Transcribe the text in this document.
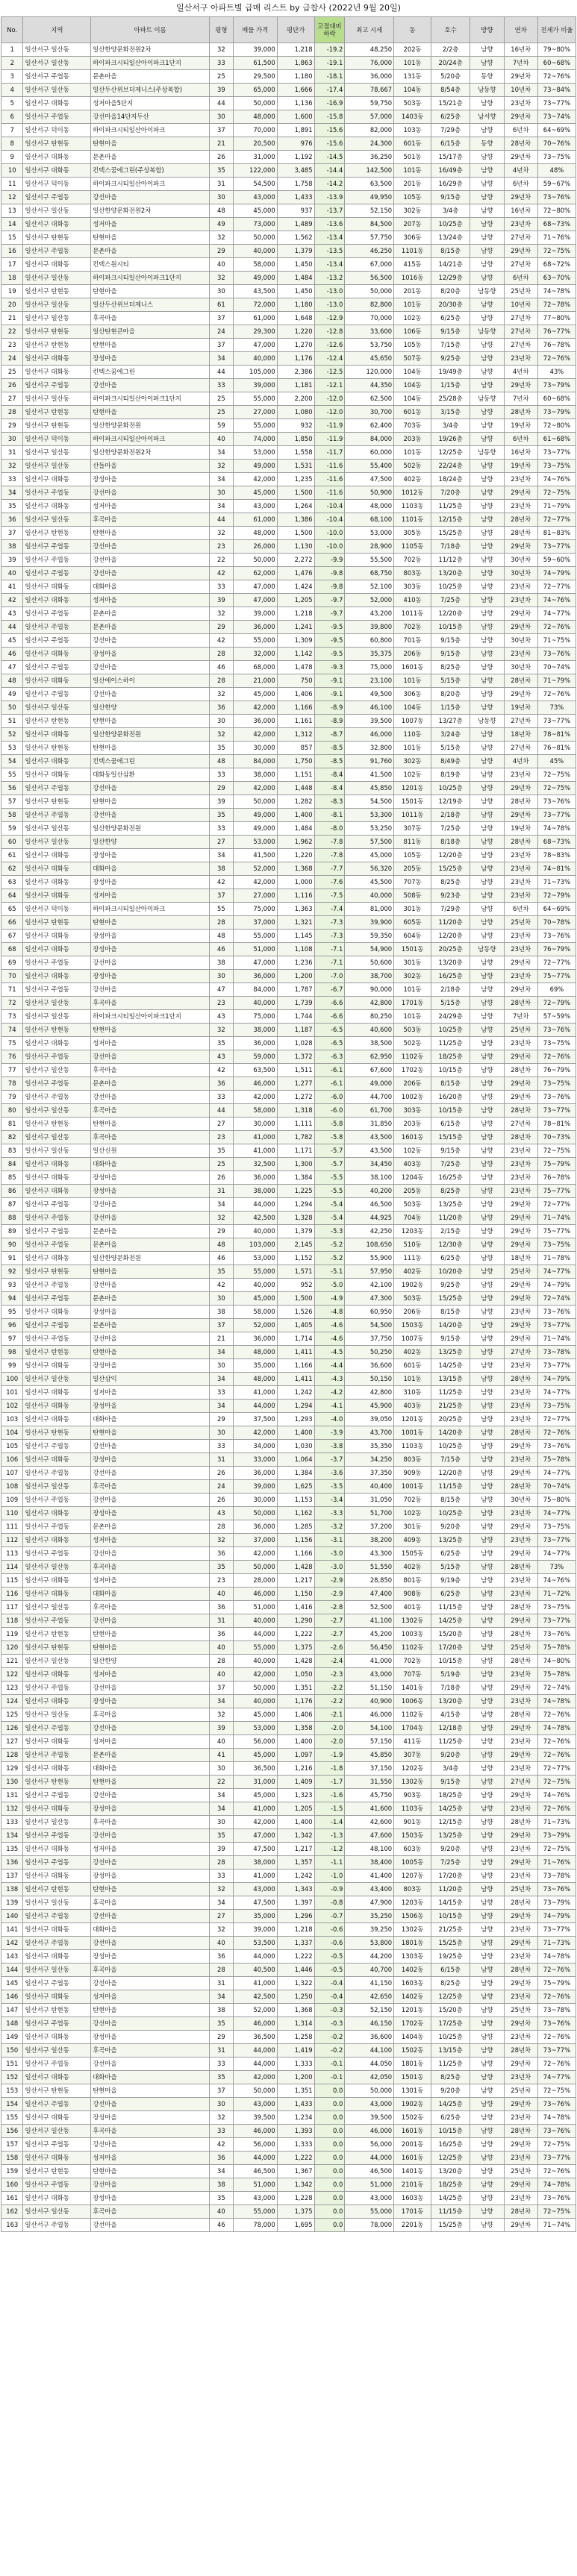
일산서구 아파트별 급매 리스트 by 급찹사 (2022년 9월 20일)
No.	지역	아파트 이름	평형	매물 가격	평단가	고점대비 하락	최고 시세	동	호수	방향	연차	전세가 비율
1	일산서구 일산동	일산한양문화전원2차	32	39,000	1,218	-19.2	48,250	202동	2/2층	남향	16년차	79~80%
2	일산서구 일산동	하이파크시티일산아이파크1단지	33	61,500	1,863	-19.1	76,000	101동	20/24층	남향	7년차	60~68%
3	일산서구 주엽동	문촌마을	25	29,500	1,180	-18.1	36,000	131동	5/20층	동향	29년차	72~76%
4	일산서구 일산동	일산두산위브더제니스(주상복합)	39	65,000	1,666	-17.4	78,667	104동	8/54층	남동향	10년차	73~84%
5	일산서구 대화동	성저마을5단지	44	50,000	1,136	-16.9	59,750	503동	15/21층	남향	23년차	73~77%
6	일산서구 주엽동	강선마을14단지두산	30	48,000	1,600	-15.8	57,000	1403동	6/25층	남서향	29년차	73~74%
7	일산서구 덕이동	하이파크시티일산아이파크	37	70,000	1,891	-15.6	82,000	103동	7/29층	남향	6년차	64~69%
8	일산서구 탄현동	탄현마을	21	20,500	976	-15.6	24,300	601동	6/15층	동향	28년차	70~76%
9	일산서구 대화동	문촌마을	26	31,000	1,192	-14.5	36,250	501동	15/17층	남향	29년차	73~75%
10	일산서구 대화동	킨텍스꿈에그린(주상복합)	35	122,000	3,485	-14.4	142,500	101동	16/49층	남향	4년차	48%
11	일산서구 덕이동	하이파크시티일산아이파크	31	54,500	1,758	-14.2	63,500	201동	16/29층	남향	6년차	59~67%
12	일산서구 주엽동	강선마을	30	43,000	1,433	-13.9	49,950	105동	9/15층	남향	29년차	73~76%
13	일산서구 일산동	일산한양문화전원2차	48	45,000	937	-13.7	52,150	302동	3/4층	남향	16년차	72~80%
14	일산서구 대화동	성저마을	49	73,000	1,489	-13.6	84,500	207동	10/25층	남향	23년차	68~73%
15	일산서구 탄현동	탄현마을	32	50,000	1,562	-13.4	57,750	306동	13/24층	남향	27년차	71~76%
16	일산서구 주엽동	문촌마을	29	40,000	1,379	-13.5	46,250	1101동	8/15층	남향	29년차	72~75%
17	일산서구 대화동	킨텍스원시티	40	58,000	1,450	-13.4	67,000	415동	14/21층	남향	27년차	68~72%
18	일산서구 일산동	하이파크시티일산아이파크1단지	32	49,000	1,484	-13.2	56,500	1016동	12/29층	남향	6년차	63~70%
19	일산서구 탄현동	탄현마을	30	43,500	1,450	-13.0	50,000	201동	8/20층	남동향	25년차	74~78%
20	일산서구 일산동	일산두산위브더제니스	61	72,000	1,180	-13.0	82,800	101동	20/30층	남향	10년차	72~78%
21	일산서구 일산동	후곡마을	37	61,000	1,648	-12.9	70,000	102동	6/25층	남향	27년차	77~80%
22	일산서구 탄현동	일산탄현큰마을	24	29,300	1,220	-12.8	33,600	106동	9/15층	남동향	27년차	76~77%
23	일산서구 탄현동	탄현마을	37	47,000	1,270	-12.6	53,750	105동	7/15층	남향	27년차	76~78%
24	일산서구 대화동	장성마을	34	40,000	1,176	-12.4	45,650	507동	9/25층	남향	23년차	72~76%
25	일산서구 대화동	킨텍스꿈에그린	44	105,000	2,386	-12.5	120,000	104동	19/49층	남향	4년차	43%
26	일산서구 주엽동	강선마을	33	39,000	1,181	-12.1	44,350	104동	1/15층	남향	29년차	73~79%
27	일산서구 일산동	하이파크시티일산아이파크1단지	25	55,000	2,200	-12.0	62,500	104동	25/28층	남동향	7년차	60~68%
28	일산서구 탄현동	탄현마을	25	27,000	1,080	-12.0	30,700	601동	3/15층	남향	28년차	73~79%
29	일산서구 탄현동	일산한양문화전원	59	55,000	932	-11.9	62,400	703동	3/4층	남향	19년차	72~80%
30	일산서구 덕이동	하이파크시티일산아이파크	40	74,000	1,850	-11.9	84,000	203동	19/26층	남향	6년차	61~68%
31	일산서구 일산동	일산한양문화전원2차	34	53,000	1,558	-11.7	60,000	101동	12/25층	남동향	16년차	73~77%
32	일산서구 일산동	산들마을	32	49,000	1,531	-11.6	55,400	502동	22/24층	남향	19년차	73~75%
33	일산서구 대화동	장성마을	34	42,000	1,235	-11.6	47,500	402동	18/24층	남향	23년차	74~76%
34	일산서구 주엽동	강선마을	30	45,000	1,500	-11.6	50,900	1012동	7/20층	남향	29년차	72~75%
35	일산서구 대화동	성저마을	34	43,000	1,264	-10.4	48,000	1103동	11/25층	남향	23년차	71~79%
36	일산서구 일산동	후곡마을	44	61,000	1,386	-10.4	68,100	1101동	12/15층	남향	28년차	72~77%
37	일산서구 탄현동	탄현마을	32	48,000	1,500	-10.0	53,000	305동	15/25층	남향	28년차	81~83%
38	일산서구 주엽동	강선마을	23	26,000	1,130	-10.0	28,900	1105동	7/18층	남향	29년차	73~77%
39	일산서구 주엽동	강선마을	22	50,000	2,272	-9.9	55,500	702동	11/12층	남향	30년차	59~60%
40	일산서구 주엽동	강선마을	42	62,000	1,476	-9.8	68,750	803동	13/20층	남향	30년차	74~79%
41	일산서구 대화동	대화마을	33	47,000	1,424	-9.8	52,100	303동	10/25층	남향	23년차	72~77%
42	일산서구 대화동	성저마을	39	47,000	1,205	-9.7	52,000	410동	7/25층	남향	23년차	74~76%
43	일산서구 주엽동	문촌마을	32	39,000	1,218	-9.7	43,200	1011동	12/20층	남향	29년차	74~77%
44	일산서구 주엽동	문촌마을	29	36,000	1,241	-9.5	39,800	702동	10/15층	남향	29년차	72~76%
45	일산서구 주엽동	강선마을	42	55,000	1,309	-9.5	60,800	701동	9/15층	남향	30년차	71~75%
46	일산서구 대화동	장성마을	28	32,000	1,142	-9.5	35,375	206동	9/15층	남향	23년차	73~76%
47	일산서구 주엽동	강선마을	46	68,000	1,478	-9.3	75,000	1601동	8/25층	남향	30년차	70~74%
48	일산서구 대화동	일산에이스하이	28	21,000	750	-9.1	23,100	101동	5/15층	남향	28년차	71~79%
49	일산서구 주엽동	강선마을	32	45,000	1,406	-9.1	49,500	306동	8/20층	남향	29년차	72~76%
50	일산서구 일산동	일산한양	36	42,000	1,166	-8.9	46,100	104동	1/15층	남향	19년차	73%
51	일산서구 탄현동	탄현마을	30	36,000	1,161	-8.9	39,500	1007동	13/27층	남동향	27년차	73~77%
52	일산서구 대화동	일산한양문화전원	32	42,000	1,312	-8.7	46,000	110동	3/24층	남향	18년차	78~81%
53	일산서구 탄현동	탄현마을	35	30,000	857	-8.5	32,800	101동	5/15층	남향	27년차	76~81%
54	일산서구 대화동	킨텍스꿈에그린	48	84,000	1,750	-8.5	91,760	302동	8/49층	남향	4년차	45%
55	일산서구 대화동	대화동일산삼환	33	38,000	1,151	-8.4	41,500	102동	8/19층	남향	23년차	72~75%
56	일산서구 주엽동	강선마을	29	42,000	1,448	-8.4	45,850	1201동	10/25층	남향	29년차	72~75%
57	일산서구 탄현동	탄현마을	39	50,000	1,282	-8.3	54,500	1501동	12/19층	남향	28년차	73~76%
58	일산서구 주엽동	강선마을	35	49,000	1,400	-8.1	53,300	1011동	2/18층	남향	29년차	73~77%
59	일산서구 일산동	일산한양문화전원	33	49,000	1,484	-8.0	53,250	307동	7/25층	남향	19년차	74~78%
60	일산서구 일산동	일산한양	27	53,000	1,962	-7.8	57,500	811동	8/18층	남향	28년차	68~73%
61	일산서구 대화동	장성마을	34	41,500	1,220	-7.8	45,000	105동	12/20층	남향	23년차	78~83%
62	일산서구 대화동	대화마을	38	52,000	1,368	-7.7	56,320	205동	15/25층	남향	23년차	74~81%
63	일산서구 대화동	장성마을	42	42,000	1,000	-7.6	45,500	707동	8/25층	남향	23년차	71~73%
64	일산서구 대화동	성저마을	37	27,000	1,116	-7.5	40,000	508동	9/23층	남향	23년차	72~79%
65	일산서구 덕이동	하이파크시티일산아이파크	55	75,000	1,363	-7.4	81,000	301동	7/29층	남향	6년차	64~69%
66	일산서구 탄현동	탄현마을	28	37,000	1,321	-7.3	39,900	605동	11/20층	남향	25년차	70~78%
67	일산서구 대화동	장성마을	48	55,000	1,145	-7.3	59,350	604동	12/20층	남향	23년차	73~76%
68	일산서구 대화동	장성마을	46	51,000	1,108	-7.1	54,900	1501동	20/25층	남동향	23년차	76~79%
69	일산서구 주엽동	강선마을	38	47,000	1,236	-7.1	50,600	301동	13/20층	남향	29년차	72~77%
70	일산서구 대화동	장성마을	30	36,000	1,200	-7.0	38,700	302동	16/25층	남향	23년차	75~77%
71	일산서구 주엽동	강선마을	47	84,000	1,787	-6.7	90,000	101동	2/18층	남향	29년차	69%
72	일산서구 일산동	후곡마을	23	40,000	1,739	-6.6	42,800	1701동	5/15층	남향	28년차	72~79%
73	일산서구 일산동	하이파크시티일산아이파크1단지	43	75,000	1,744	-6.6	80,250	101동	24/29층	남향	7년차	57~59%
74	일산서구 탄현동	탄현마을	32	38,000	1,187	-6.5	40,600	503동	10/25층	남향	25년차	73~76%
75	일산서구 대화동	성저마을	35	36,000	1,028	-6.5	38,500	502동	11/25층	남향	23년차	73~75%
76	일산서구 주엽동	강선마을	43	59,000	1,372	-6.3	62,950	1102동	18/25층	남향	29년차	72~76%
77	일산서구 일산동	후곡마을	42	63,500	1,511	-6.1	67,600	1702동	10/15층	남향	28년차	76~79%
78	일산서구 주엽동	문촌마을	36	46,000	1,277	-6.1	49,000	206동	8/15층	남향	29년차	73~75%
79	일산서구 주엽동	강선마을	33	42,000	1,272	-6.0	44,700	1002동	16/20층	남향	29년차	73~76%
80	일산서구 일산동	후곡마을	44	58,000	1,318	-6.0	61,700	303동	10/15층	남향	28년차	73~77%
81	일산서구 탄현동	탄현마을	27	30,000	1,111	-5.8	31,850	203동	6/15층	남향	27년차	78~81%
82	일산서구 일산동	후곡마을	23	41,000	1,782	-5.8	43,500	1601동	15/15층	남향	28년차	70~73%
83	일산서구 일산동	일산신원	35	41,000	1,171	-5.7	43,500	102동	9/15층	남향	23년차	72~75%
84	일산서구 대화동	대화마을	25	32,500	1,300	-5.7	34,450	403동	7/25층	남향	23년차	75~79%
85	일산서구 대화동	장성마을	26	36,000	1,384	-5.5	38,100	1204동	16/25층	남향	23년차	76~78%
86	일산서구 대화동	장성마을	31	38,000	1,225	-5.5	40,200	205동	8/25층	남향	23년차	75~77%
87	일산서구 주엽동	강선마을	34	44,000	1,294	-5.4	46,500	503동	13/25층	남향	29년차	72~77%
88	일산서구 주엽동	강선마을	32	42,500	1,328	-5.4	44,925	704동	11/20층	남향	29년차	71~74%
89	일산서구 주엽동	문촌마을	29	40,000	1,379	-5.3	42,250	1203동	2/15층	남향	29년차	75~77%
90	일산서구 주엽동	문촌마을	48	103,000	2,145	-5.2	108,650	510동	12/30층	남향	29년차	73~75%
91	일산서구 대화동	일산한양문화전원	46	53,000	1,152	-5.2	55,900	111동	6/25층	남향	18년차	71~78%
92	일산서구 탄현동	탄현마을	35	55,000	1,571	-5.1	57,950	402동	10/20층	남향	25년차	74~77%
93	일산서구 주엽동	강선마을	42	40,000	952	-5.0	42,100	1902동	9/25층	남향	29년차	74~79%
94	일산서구 주엽동	문촌마을	30	45,000	1,500	-4.9	47,300	503동	15/25층	남향	29년차	72~74%
95	일산서구 대화동	장성마을	38	58,000	1,526	-4.8	60,950	206동	8/15층	남향	23년차	73~76%
96	일산서구 주엽동	문촌마을	37	52,000	1,405	-4.6	54,500	1503동	14/20층	남향	29년차	73~77%
97	일산서구 주엽동	강선마을	21	36,000	1,714	-4.6	37,750	1007동	9/15층	남향	29년차	71~74%
98	일산서구 탄현동	탄현마을	34	48,000	1,411	-4.5	50,250	402동	13/25층	남향	27년차	73~78%
99	일산서구 대화동	장성마을	30	35,000	1,166	-4.4	36,600	601동	14/25층	남향	23년차	73~77%
100	일산서구 일산동	일산삼익	34	48,000	1,411	-4.3	50,150	101동	13/15층	남향	28년차	74~79%
101	일산서구 대화동	성저마을	33	41,000	1,242	-4.2	42,800	310동	11/25층	남향	23년차	74~77%
102	일산서구 대화동	장성마을	34	44,000	1,294	-4.1	45,900	403동	21/25층	남향	23년차	73~75%
103	일산서구 대화동	대화마을	29	37,500	1,293	-4.0	39,050	1201동	20/25층	남향	23년차	72~77%
104	일산서구 탄현동	탄현마을	30	42,000	1,400	-3.9	43,700	1001동	14/20층	남향	28년차	72~76%
105	일산서구 주엽동	강선마을	33	34,000	1,030	-3.8	35,350	1103동	10/25층	남향	29년차	73~76%
106	일산서구 대화동	장성마을	31	33,000	1,064	-3.7	34,250	803동	7/15층	남향	23년차	75~78%
107	일산서구 주엽동	강선마을	26	36,000	1,384	-3.6	37,350	909동	12/20층	남향	29년차	74~77%
108	일산서구 일산동	후곡마을	24	39,000	1,625	-3.5	40,400	1001동	11/15층	남향	28년차	70~74%
109	일산서구 주엽동	강선마을	26	30,000	1,153	-3.4	31,050	702동	8/15층	남향	30년차	75~80%
110	일산서구 대화동	장성마을	43	50,000	1,162	-3.3	51,700	102동	10/25층	남향	23년차	74~77%
111	일산서구 주엽동	문촌마을	28	36,000	1,285	-3.2	37,200	301동	9/20층	남향	29년차	73~75%
112	일산서구 대화동	성저마을	32	37,000	1,156	-3.1	38,200	409동	13/25층	남향	23년차	73~77%
113	일산서구 주엽동	강선마을	36	42,000	1,166	-3.0	43,300	1505동	6/25층	남향	29년차	74~77%
114	일산서구 일산동	후곡마을	35	50,000	1,428	-3.0	51,550	402동	5/15층	남향	28년차	73%
115	일산서구 대화동	성저마을	23	28,000	1,217	-2.9	28,850	801동	9/19층	남향	23년차	74~76%
116	일산서구 대화동	대화마을	40	46,000	1,150	-2.9	47,400	908동	6/25층	남향	23년차	71~72%
117	일산서구 일산동	후곡마을	36	51,000	1,416	-2.8	52,500	401동	11/15층	남향	28년차	73~75%
118	일산서구 주엽동	강선마을	31	40,000	1,290	-2.7	41,100	1302동	14/25층	남향	29년차	73~77%
119	일산서구 탄현동	탄현마을	36	44,000	1,222	-2.7	45,200	1003동	15/20층	남향	28년차	73~76%
120	일산서구 탄현동	탄현마을	40	55,000	1,375	-2.6	56,450	1102동	17/20층	남향	25년차	75~78%
121	일산서구 일산동	일산한양	28	40,000	1,428	-2.4	41,000	702동	10/15층	남향	28년차	74~80%
122	일산서구 대화동	성저마을	40	42,000	1,050	-2.3	43,000	707동	5/19층	남향	23년차	75~78%
123	일산서구 주엽동	강선마을	37	50,000	1,351	-2.2	51,150	1401동	7/18층	남향	29년차	72~74%
124	일산서구 대화동	장성마을	34	40,000	1,176	-2.2	40,900	1006동	13/20층	남향	23년차	74~78%
125	일산서구 일산동	후곡마을	32	45,000	1,406	-2.1	46,000	1102동	4/15층	남향	28년차	72~76%
126	일산서구 주엽동	강선마을	39	53,000	1,358	-2.0	54,100	1704동	12/18층	남향	29년차	74~78%
127	일산서구 대화동	성저마을	40	56,000	1,400	-2.0	57,150	411동	11/25층	남향	23년차	72~76%
128	일산서구 주엽동	문촌마을	41	45,000	1,097	-1.9	45,850	307동	9/20층	남향	29년차	72~76%
129	일산서구 대화동	대화마을	30	36,500	1,216	-1.8	37,150	1202동	3/4층	남향	23년차	72~77%
130	일산서구 탄현동	탄현마을	22	31,000	1,409	-1.7	31,550	1302동	9/15층	남향	27년차	72~75%
131	일산서구 주엽동	강선마을	34	45,000	1,323	-1.6	45,750	903동	18/25층	남향	29년차	74~76%
132	일산서구 대화동	장성마을	34	41,000	1,205	-1.5	41,600	1103동	14/25층	남향	23년차	72~76%
133	일산서구 일산동	후곡마을	30	42,000	1,400	-1.4	42,600	901동	12/15층	남향	28년차	71~73%
134	일산서구 주엽동	강선마을	35	47,000	1,342	-1.3	47,600	1503동	13/25층	남향	29년차	73~79%
135	일산서구 대화동	성저마을	39	47,500	1,217	-1.2	48,100	603동	9/20층	남향	23년차	72~75%
136	일산서구 주엽동	강선마을	28	38,000	1,357	-1.1	38,400	1005동	7/25층	남향	29년차	71~76%
137	일산서구 대화동	장성마을	33	41,000	1,242	-1.0	41,400	1207동	17/20층	남향	23년차	73~78%
138	일산서구 탄현동	탄현마을	32	43,000	1,343	-0.9	43,400	803동	11/20층	남향	25년차	73~76%
139	일산서구 일산동	후곡마을	34	47,500	1,397	-0.8	47,900	1203동	14/15층	남향	28년차	73~79%
140	일산서구 주엽동	강선마을	27	35,000	1,296	-0.7	35,250	1506동	10/15층	남향	29년차	74~79%
141	일산서구 대화동	대화마을	32	39,000	1,218	-0.6	39,250	1302동	21/25층	남향	23년차	73~77%
142	일산서구 주엽동	강선마을	40	53,500	1,337	-0.6	53,800	1801동	15/25층	남향	29년차	71~73%
143	일산서구 대화동	장성마을	36	44,000	1,222	-0.5	44,200	1303동	19/25층	남향	23년차	74~78%
144	일산서구 일산동	후곡마을	28	40,500	1,446	-0.5	40,700	1402동	6/15층	남향	28년차	72~76%
145	일산서구 주엽동	강선마을	31	41,000	1,322	-0.4	41,150	1603동	8/25층	남향	29년차	75~79%
146	일산서구 대화동	성저마을	34	42,500	1,250	-0.4	42,650	1402동	12/25층	남향	23년차	72~76%
147	일산서구 탄현동	탄현마을	38	52,000	1,368	-0.3	52,150	1201동	15/20층	남향	25년차	73~78%
148	일산서구 주엽동	강선마을	35	46,000	1,314	-0.3	46,150	1702동	17/25층	남향	29년차	73~76%
149	일산서구 대화동	장성마을	29	36,500	1,258	-0.2	36,600	1404동	10/25층	남향	23년차	72~76%
150	일산서구 일산동	후곡마을	31	44,000	1,419	-0.2	44,100	1502동	13/15층	남향	28년차	73~77%
151	일산서구 주엽동	강선마을	33	44,000	1,333	-0.1	44,050	1801동	11/25층	남향	29년차	72~76%
152	일산서구 대화동	대화마을	35	42,000	1,200	-0.1	42,050	1501동	8/25층	남향	23년차	74~77%
153	일산서구 탄현동	탄현마을	37	50,000	1,351	0.0	50,000	1301동	9/20층	남향	25년차	72~75%
154	일산서구 주엽동	강선마을	30	43,000	1,433	0.0	43,000	1902동	14/25층	남향	29년차	73~76%
155	일산서구 대화동	장성마을	32	39,500	1,234	0.0	39,500	1502동	6/25층	남향	23년차	74~78%
156	일산서구 일산동	후곡마을	33	46,000	1,393	0.0	46,000	1601동	10/15층	남향	28년차	73~76%
157	일산서구 주엽동	강선마을	42	56,000	1,333	0.0	56,000	2001동	16/25층	남향	29년차	72~75%
158	일산서구 대화동	성저마을	36	44,000	1,222	0.0	44,000	1601동	12/25층	남향	23년차	73~77%
159	일산서구 탄현동	탄현마을	34	46,500	1,367	0.0	46,500	1401동	13/20층	남향	25년차	72~76%
160	일산서구 주엽동	강선마을	38	51,000	1,342	0.0	51,000	2101동	18/25층	남향	29년차	74~78%
161	일산서구 대화동	장성마을	35	43,000	1,228	0.0	43,000	1603동	14/25층	남향	23년차	73~76%
162	일산서구 일산동	후곡마을	40	55,000	1,375	0.0	55,000	1701동	11/15층	남향	28년차	72~75%
163	일산서구 주엽동	강선마을	46	78,000	1,695	0.0	78,000	2201동	15/25층	남향	29년차	71~74%
